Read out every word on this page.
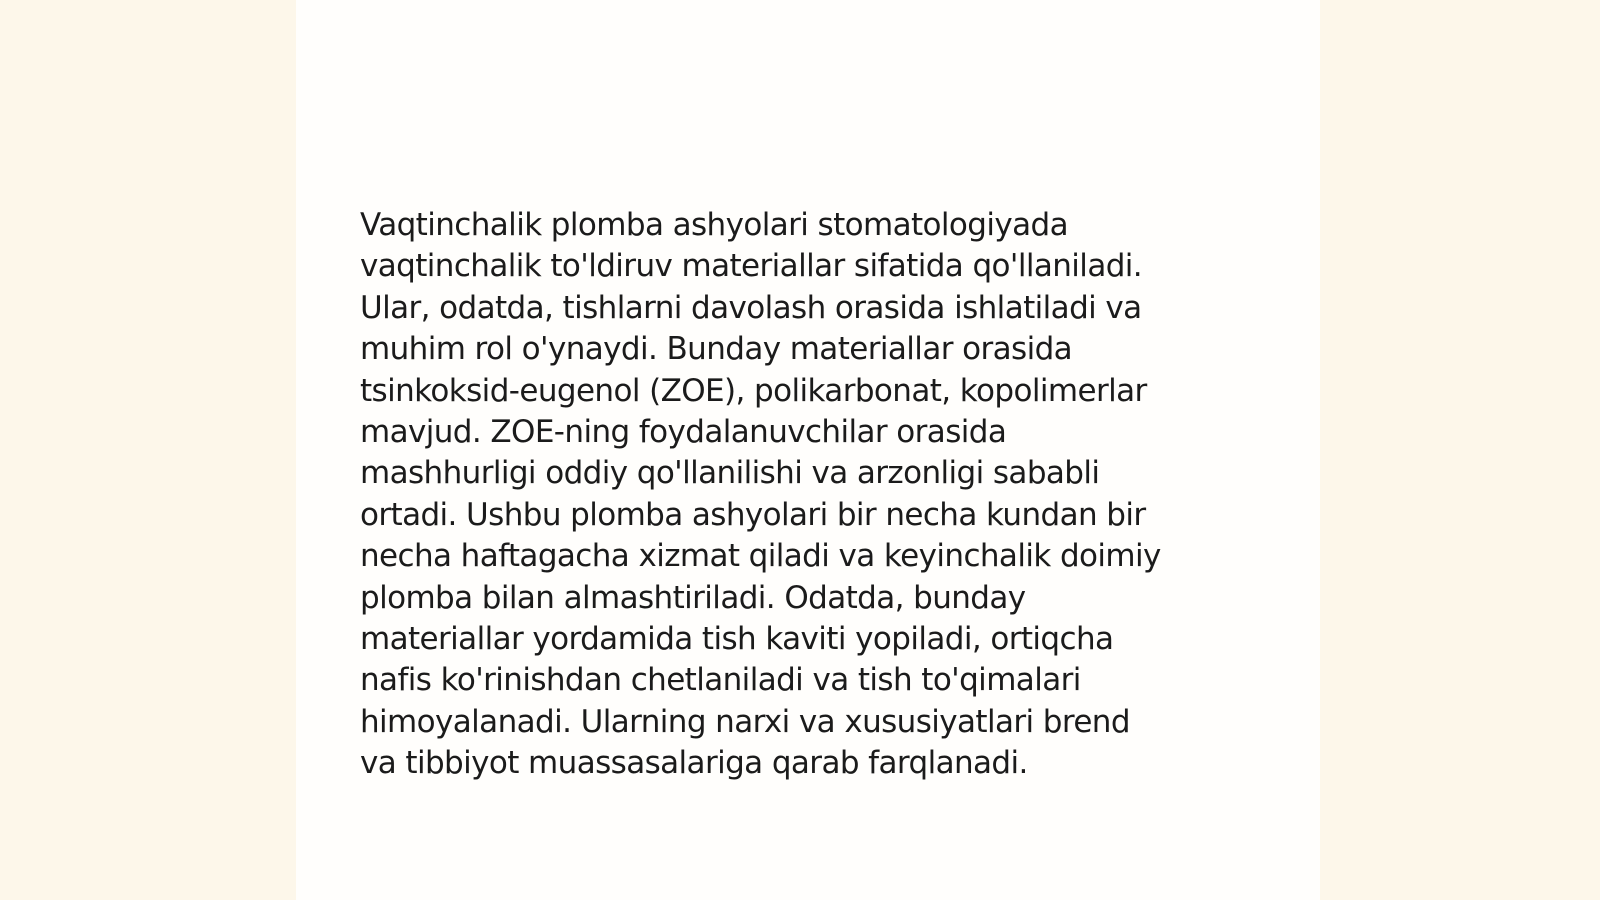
Vaqtinchalik plomba ashyolari stomatologiyada
vaqtinchalik to'ldiruv materiallar sifatida qo'llaniladi.
Ular, odatda, tishlarni davolash orasida ishlatiladi va
muhim rol o'ynaydi. Bunday materiallar orasida
tsinkoksid-eugenol (ZOE), polikarbonat, kopolimerlar
mavjud. ZOE-ning foydalanuvchilar orasida
mashhurligi oddiy qo'llanilishi va arzonligi sababli
ortadi. Ushbu plomba ashyolari bir necha kundan bir
necha haftagacha xizmat qiladi va keyinchalik doimiy
plomba bilan almashtiriladi. Odatda, bunday
materiallar yordamida tish kaviti yopiladi, ortiqcha
nafis ko'rinishdan chetlaniladi va tish to'qimalari
himoyalanadi. Ularning narxi va xususiyatlari brend
va tibbiyot muassasalariga qarab farqlanadi.
